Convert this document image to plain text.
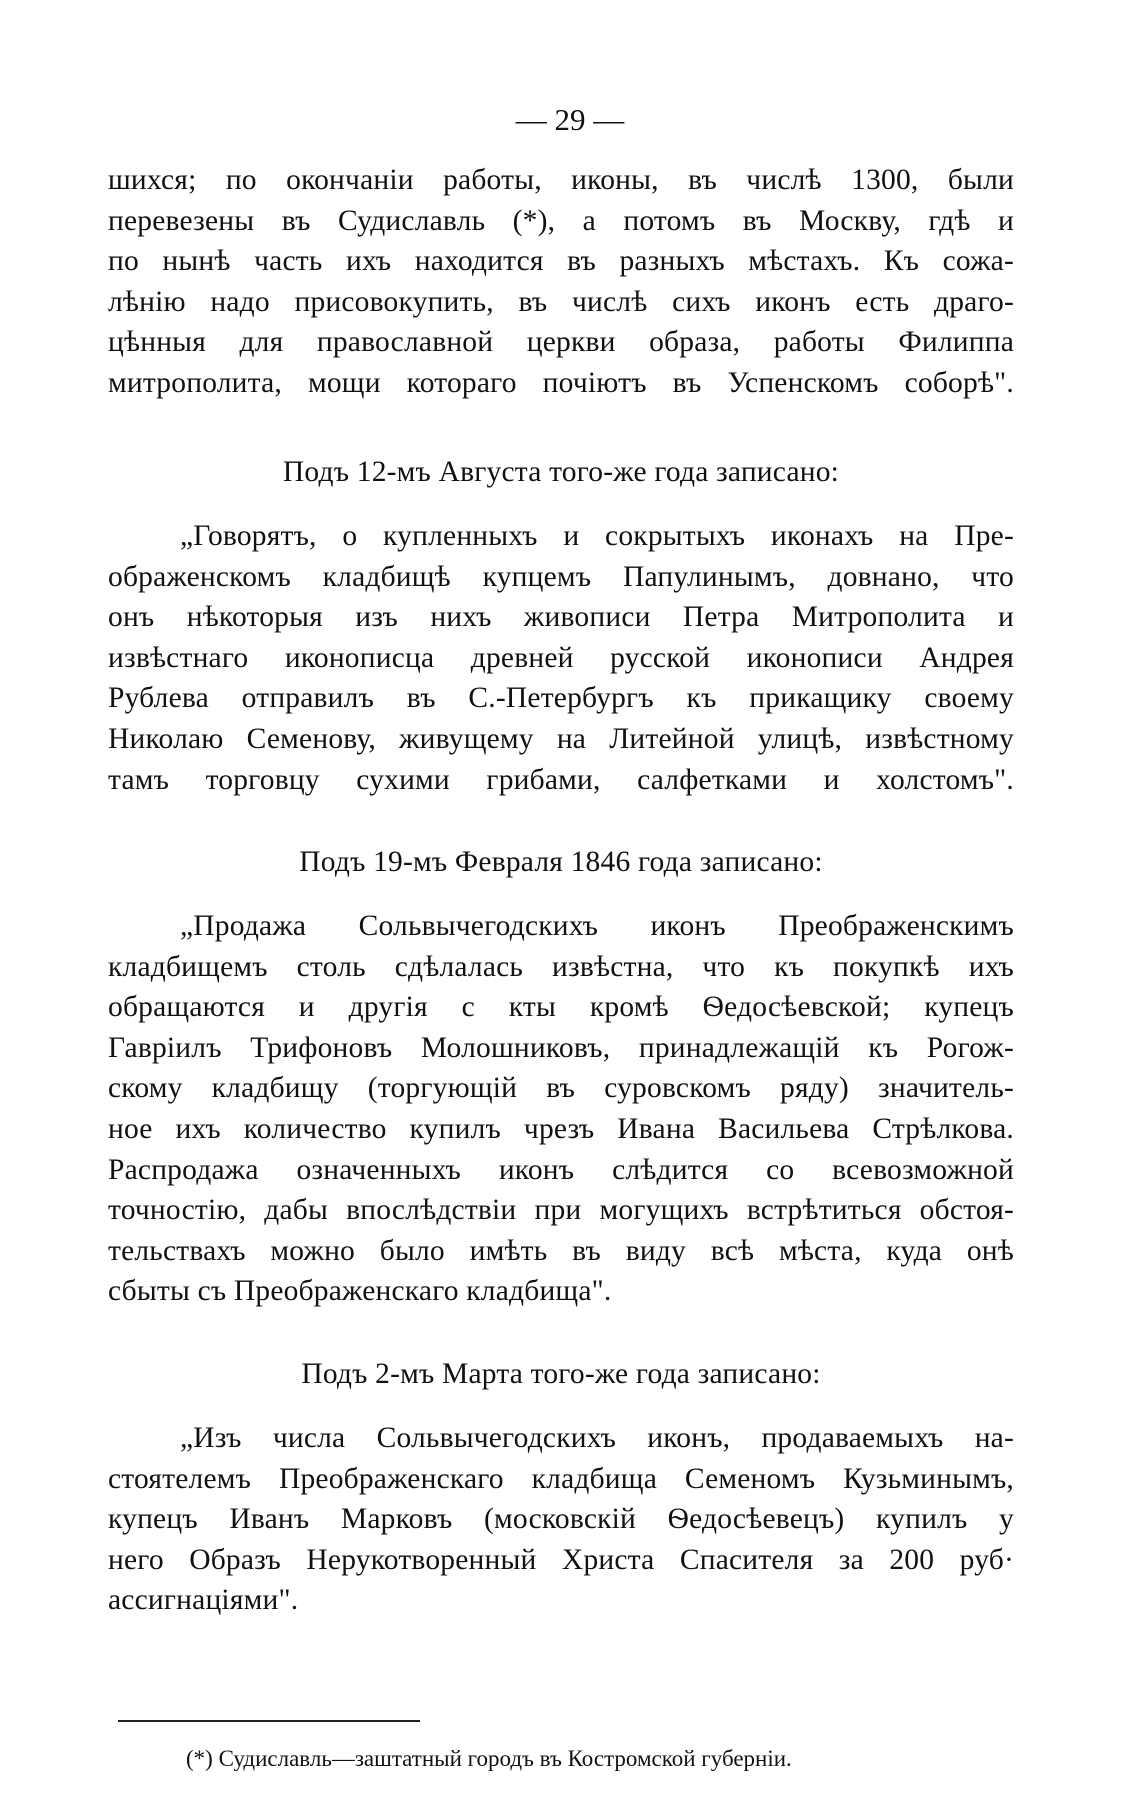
— 29 —
шихся; по окончанiи работы, иконы, въ числѣ 1300, были
перевезены въ Судиславль (*), а потомъ въ Москву, гдѣ и
по нынѣ часть ихъ находится въ разныхъ мѣстахъ. Къ сожа-
лѣнiю надо присовокупить, въ числѣ сихъ иконъ есть драго-
цѣнныя для православной церкви образа, работы Филиппа
митрополита, мощи котораго почiютъ въ Успенскомъ соборѣ".
Подъ 12-мъ Августа того-же года записано:
„Говорятъ, о купленныхъ и сокрытыхъ иконахъ на Пре-
ображенскомъ кладбищѣ купцемъ Папулинымъ, довнано, что
онъ нѣкоторыя изъ нихъ живописи Петра Митрополита и
извѣстнаго иконописца древней русской иконописи Андрея
Рублева отправилъ въ С.-Петербургъ къ прикащику своему
Николаю Семенову, живущему на Литейной улицѣ, извѣстному
тамъ торговцу сухими грибами, салфетками и холстомъ".
Подъ 19-мъ Февраля 1846 года записано:
„Продажа Сольвычегодскихъ иконъ Преображенскимъ
кладбищемъ столь сдѣлалась извѣстна, что къ покупкѣ ихъ
обращаются и другiя с кты кромѣ Ѳедосѣевской; купецъ
Гаврiилъ Трифоновъ Молошниковъ, принадлежащiй къ Рогож-
скому кладбищу (торгующiй въ суровскомъ ряду) значитель-
ное ихъ количество купилъ чрезъ Ивана Васильева Стрѣлкова.
Распродажа означенныхъ иконъ слѣдится со всевозможной
точностiю, дабы впослѣдствiи при могущихъ встрѣтиться обстоя-
тельствахъ можно было имѣть въ виду всѣ мѣста, куда онѣ
сбыты съ Преображенскаго кладбища".
Подъ 2-мъ Марта того-же года записано:
„Изъ числа Сольвычегодскихъ иконъ, продаваемыхъ на-
стоятелемъ Преображенскаго кладбища Семеномъ Кузьминымъ,
купецъ Иванъ Марковъ (московскiй Ѳедосѣевецъ) купилъ у
него Образъ Нерукотворенный Христа Спасителя за 200 руб·
ассигнацiями".
(*) Судиславль—заштатный городъ въ Костромской губернiи.
